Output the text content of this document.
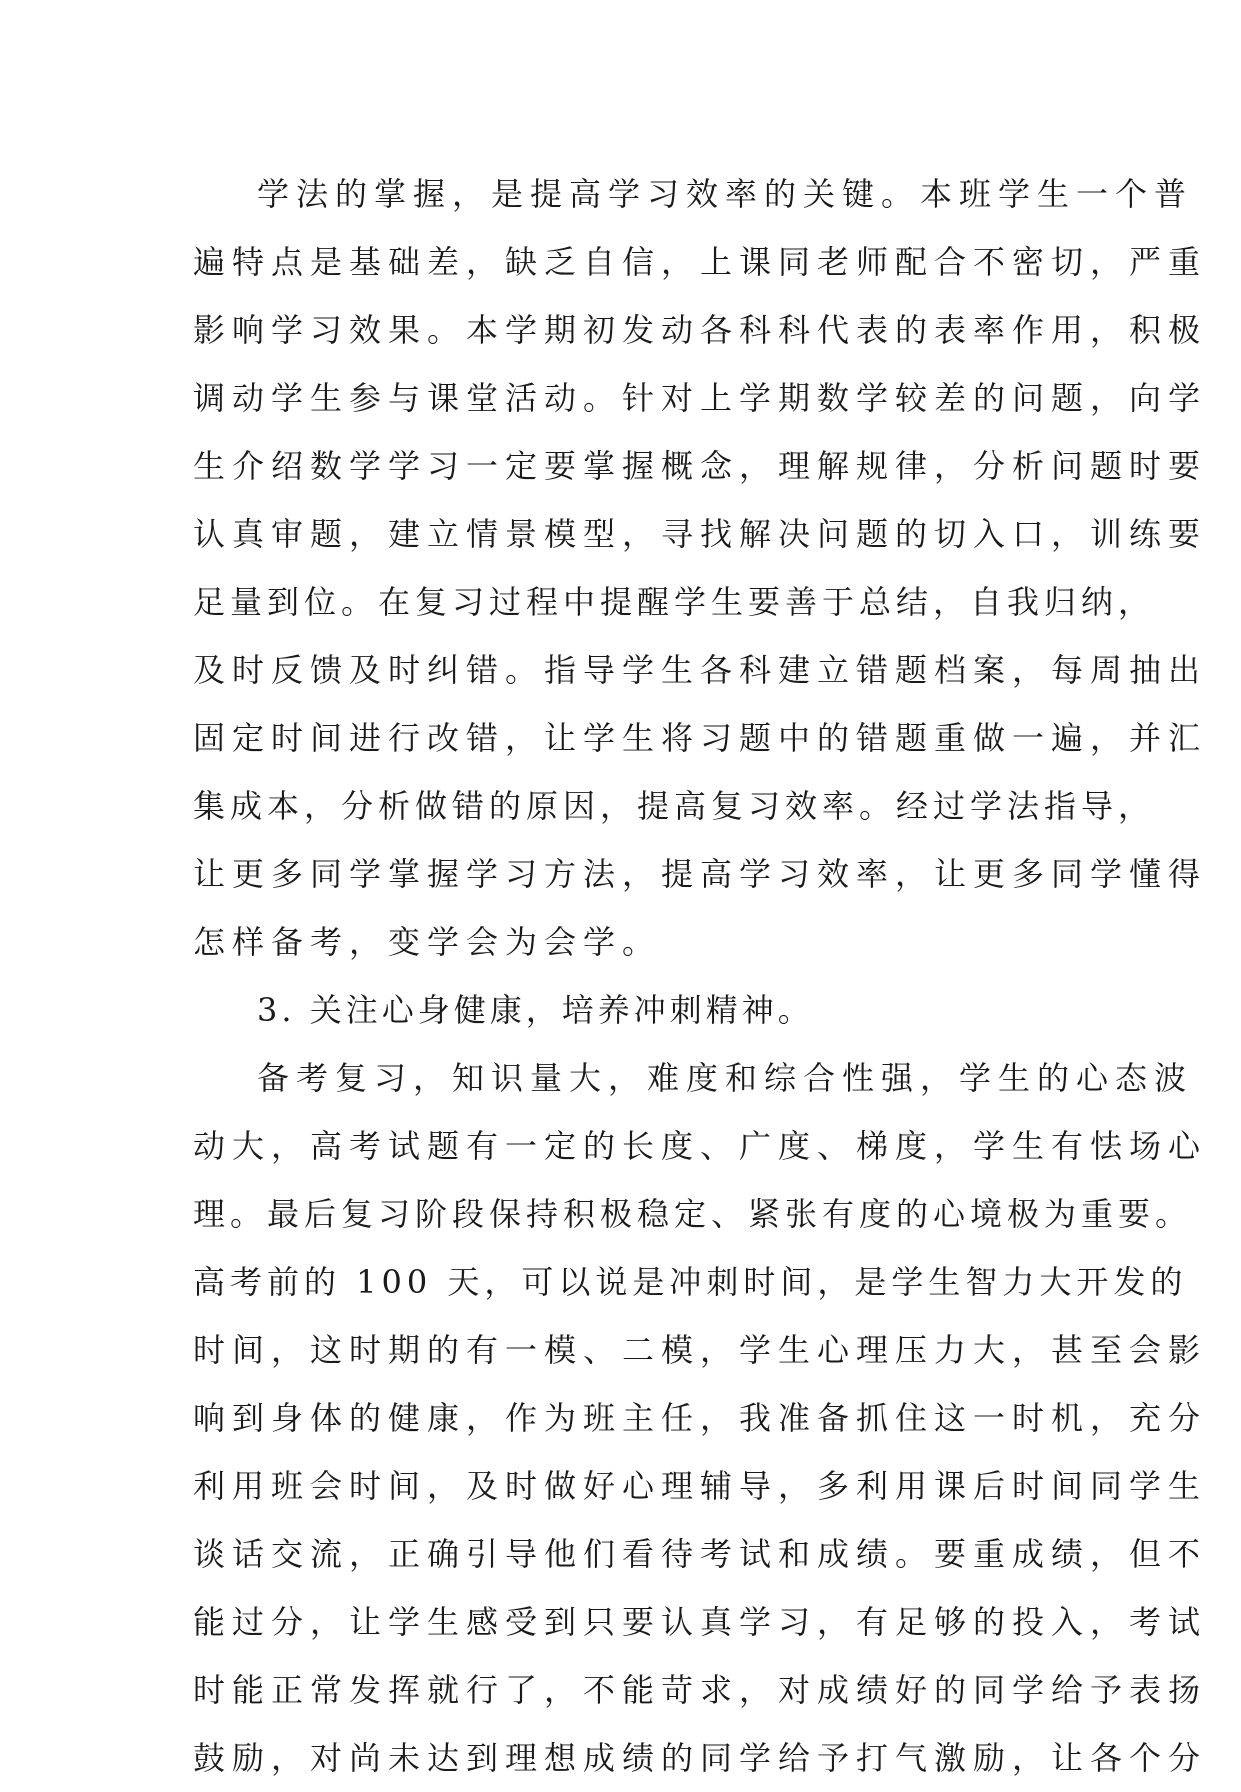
学法的掌握，是提高学习效率的关键。本班学生一个普
遍特点是基础差，缺乏自信，上课同老师配合不密切，严重
影响学习效果。本学期初发动各科科代表的表率作用，积极
调动学生参与课堂活动。针对上学期数学较差的问题，向学
生介绍数学学习一定要掌握概念，理解规律，分析问题时要
认真审题，建立情景模型，寻找解决问题的切入口，训练要
足量到位。在复习过程中提醒学生要善于总结，自我归纳，
及时反馈及时纠错。指导学生各科建立错题档案，每周抽出
固定时间进行改错，让学生将习题中的错题重做一遍，并汇
集成本，分析做错的原因，提高复习效率。经过学法指导，
让更多同学掌握学习方法，提高学习效率，让更多同学懂得
怎样备考，变学会为会学。
3. 关注心身健康，培养冲刺精神。
备考复习，知识量大，难度和综合性强，学生的心态波
动大，高考试题有一定的长度、广度、梯度，学生有怯场心
理。最后复习阶段保持积极稳定、紧张有度的心境极为重要。
高考前的 100 天，可以说是冲刺时间，是学生智力大开发的
时间，这时期的有一模、二模，学生心理压力大，甚至会影
响到身体的健康，作为班主任，我准备抓住这一时机，充分
利用班会时间，及时做好心理辅导，多利用课后时间同学生
谈话交流，正确引导他们看待考试和成绩。要重成绩，但不
能过分，让学生感受到只要认真学习，有足够的投入，考试
时能正常发挥就行了，不能苛求，对成绩好的同学给予表扬
鼓励，对尚未达到理想成绩的同学给予打气激励，让各个分
